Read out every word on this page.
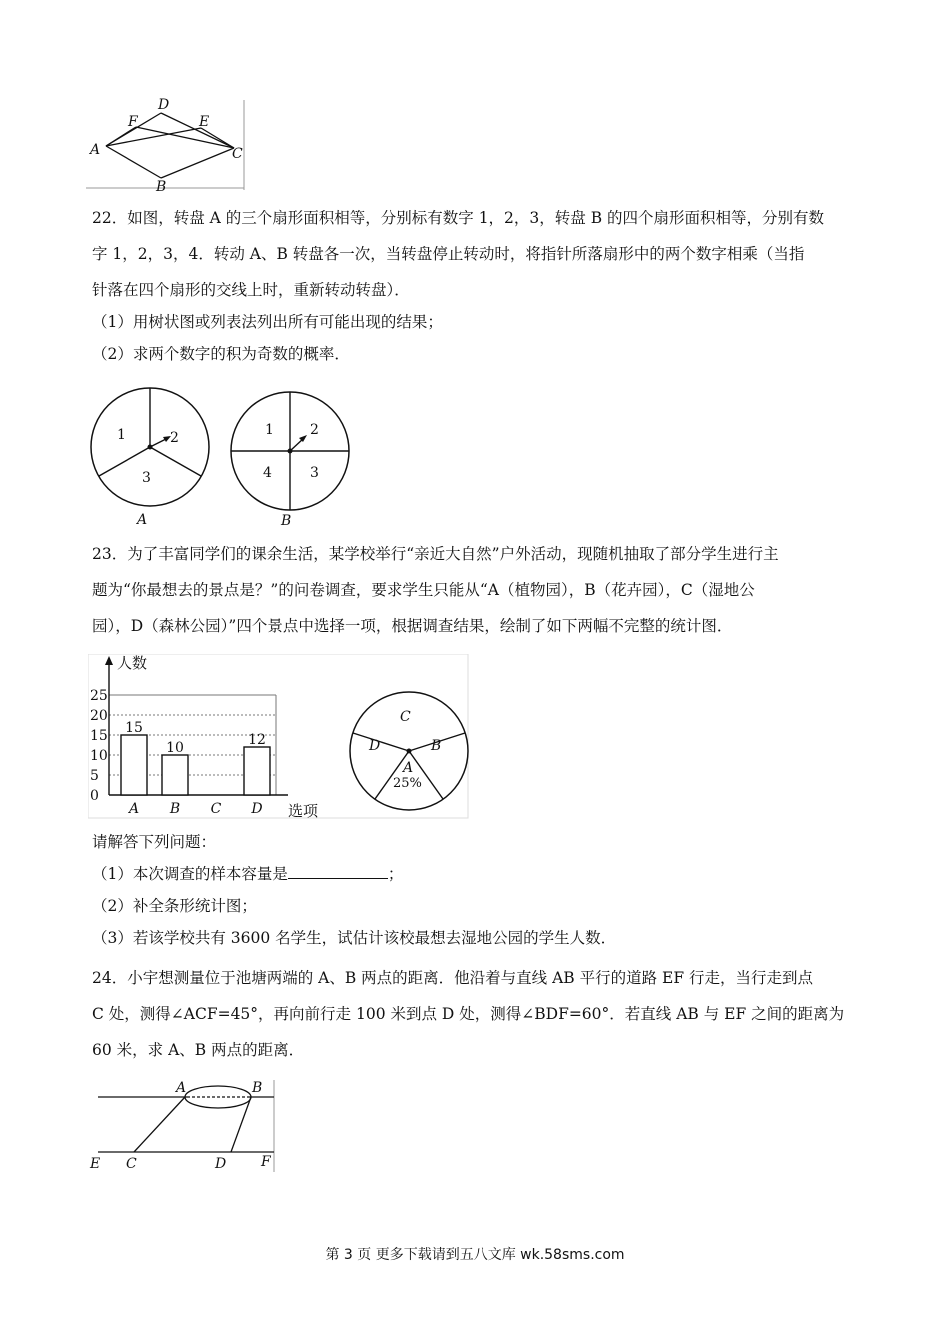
D
F	E
A	C
B
22．如图，转盘 A 的三个扇形面积相等，分别标有数字 1，2，3，转盘 B 的四个扇形面积相等，分别有数
字 1，2，3，4．转动 A、B 转盘各一次，当转盘停止转动时，将指针所落扇形中的两个数字相乘（当指
针落在四个扇形的交线上时，重新转动转盘）．
（1）用树状图或列表法列出所有可能出现的结果；
（2）求两个数字的积为奇数的概率．
1	2
3
A
1	2
4	3
B
23．为了丰富同学们的课余生活，某学校举行“亲近大自然”户外活动，现随机抽取了部分学生进行主
题为“你最想去的景点是？”的问卷调查，要求学生只能从“A（植物园），B（花卉园），C（湿地公
园），D（森林公园）”四个景点中选择一项，根据调查结果，绘制了如下两幅不完整的统计图．
人数
选项
0
5
10
15
20
25
15
A
10
B C
12
D
C
D	B
A
25%
请解答下列问题：
（1）本次调查的样本容量是	；
（2）补全条形统计图；
（3）若该学校共有 3600 名学生，试估计该校最想去湿地公园的学生人数．
24．小宇想测量位于池塘两端的 A、B 两点的距离．他沿着与直线 AB 平行的道路 EF 行走，当行走到点
C 处，测得∠ACF=45°，再向前行走 100 米到点 D 处，测得∠BDF=60°．若直线 AB 与 EF 之间的距离为
60 米，求 A、B 两点的距离．
A	B
E C	D F
第 3 页 更多下载请到五八文库 wk.58sms.com
